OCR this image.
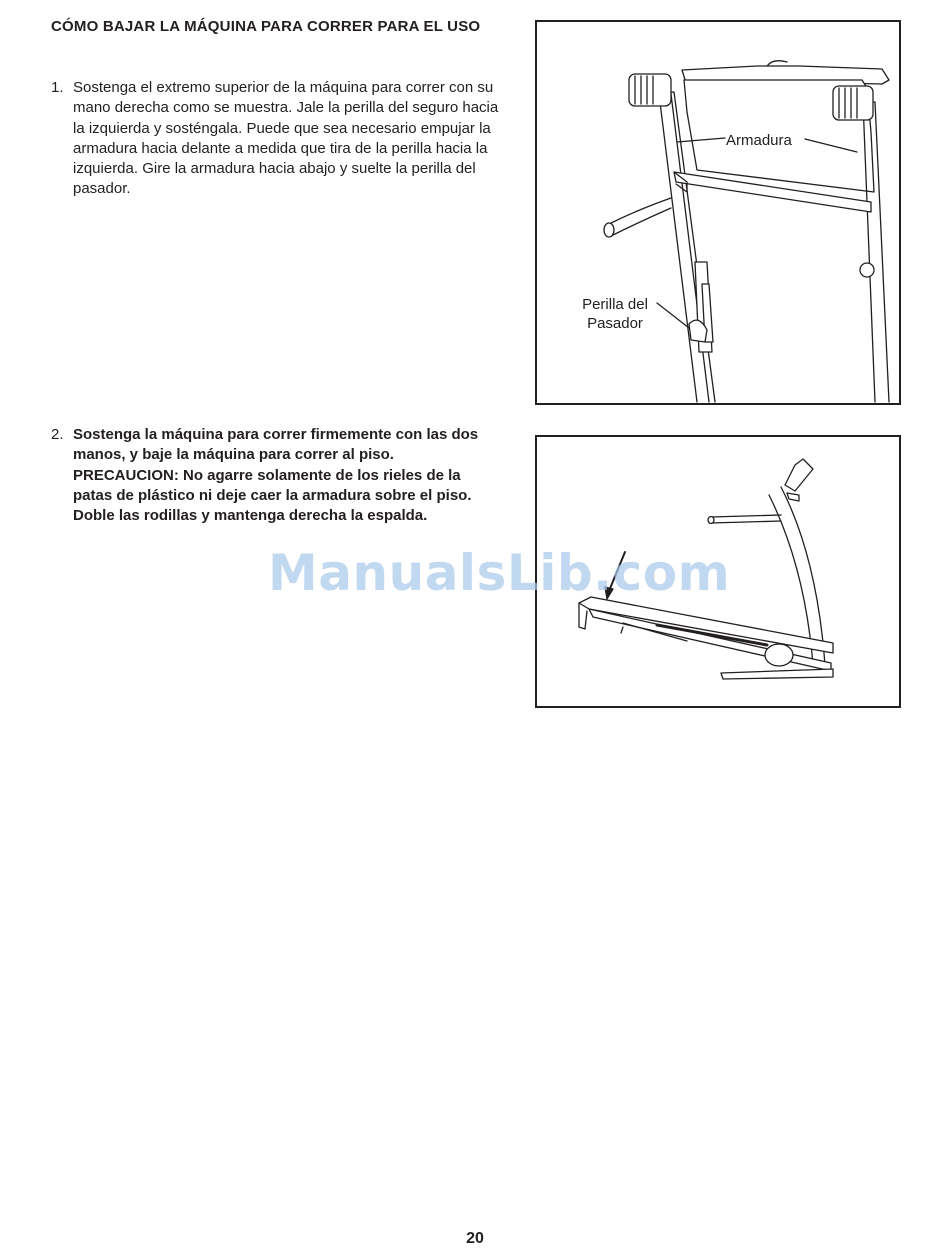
CÓMO BAJAR LA MÁQUINA PARA CORRER PARA EL USO
1. Sostenga el extremo superior de la máquina para correr con su mano derecha como se muestra. Jale la perilla del seguro hacia la izquierda y sosténgala. Puede que sea necesario empujar la armadura hacia delante a medida que tira de la perilla hacia la izquierda. Gire la armadura hacia abajo y suelte la perilla del pasador.
2. Sostenga la máquina para correr firmemente con las dos manos, y baje la máquina para correr al piso. PRECAUCION: No agarre solamente de los rieles de la patas de plástico ni deje caer la armadura sobre el piso. Doble las rodillas y mantenga derecha la espalda.
Armadura
Perilla del
Pasador
ManualsLib.com
20
